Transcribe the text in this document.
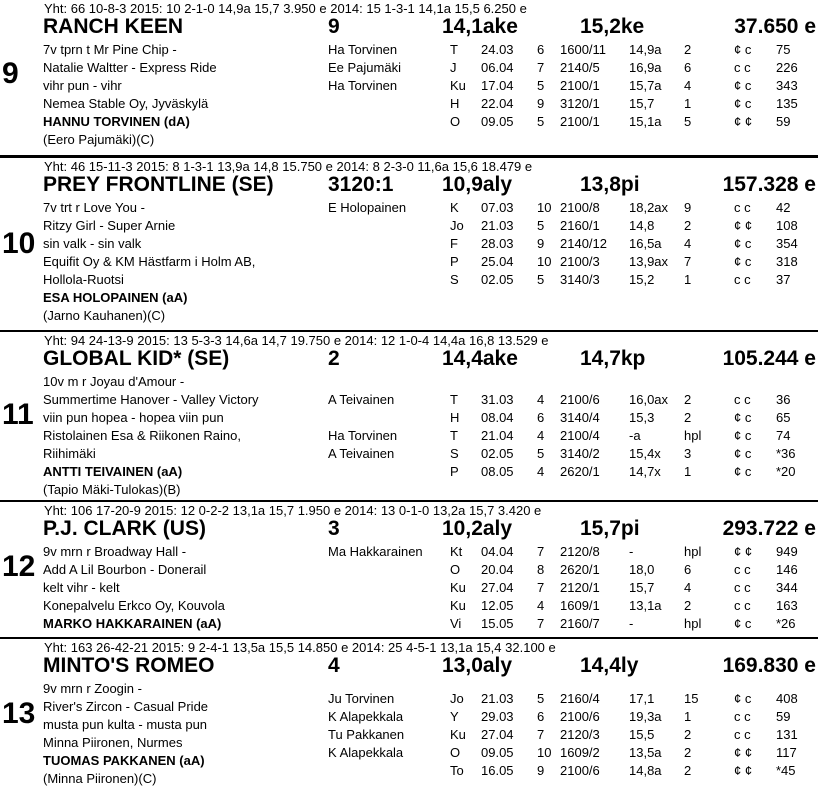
Yht: 66 10-8-3 2015: 10 2-1-0 14,9a 15,7 3.950 e 2014: 15 1-3-1 14,1a 15,5 6.250 e
RANCH KEEN	9	14,1ake	15,2ke	37.650 e
9
7v tprn t Mr Pine Chip -
Natalie Waltter - Express Ride
vihr pun - vihr
Nemea Stable Oy, Jyväskylä
HANNU TORVINEN (dA)
(Eero Pajumäki)(C)
Ha Torvinen	T 24.03 6 1600/11 14,9a 2	¢ c 75
Ee Pajumäki	J 06.04 7 2140/5 16,9a 6	c c 226
Ha Torvinen	Ku 17.04 5 2100/1 15,7a 4	¢ c 343
H 22.04 9 3120/1 15,7 1	¢ c 135
O 09.05 5 2100/1 15,1a 5	¢ ¢ 59
Yht: 46 15-11-3 2015: 8 1-3-1 13,9a 14,8 15.750 e 2014: 8 2-3-0 11,6a 15,6 18.479 e
PREY FRONTLINE (SE)	3120:1 10,9aly	13,8pi	157.328 e
10
7v trt r Love You -
Ritzy Girl - Super Arnie
sin valk - sin valk
Equifit Oy & KM Hästfarm i Holm AB,
Hollola-Ruotsi
ESA HOLOPAINEN (aA)
(Jarno Kauhanen)(C)
E Holopainen	K 07.03 10 2100/8 18,2ax 9	c c 42
Jo 21.03 5 2160/1 14,8 2	¢ ¢ 108
F 28.03 9 2140/12 16,5a 4	¢ c 354
P 25.04 10 2100/3 13,9ax 7	¢ c 318
S 02.05 5 3140/3 15,2 1	c c 37
Yht: 94 24-13-9 2015: 13 5-3-3 14,6a 14,7 19.750 e 2014: 12 1-0-4 14,4a 16,8 13.529 e
GLOBAL KID* (SE)	2	14,4ake	14,7kp	105.244 e
11
10v m r Joyau d'Amour -
Summertime Hanover - Valley Victory
viin pun hopea - hopea viin pun
Ristolainen Esa & Riikonen Raino,
Riihimäki
ANTTI TEIVAINEN (aA)
(Tapio Mäki-Tulokas)(B)
A Teivainen	T 31.03 4 2100/6 16,0ax 2	c c 36
H 08.04 6 3140/4 15,3 2	¢ c 65
Ha Torvinen	T 21.04 4 2100/4 -a	hpl	¢ c 74
A Teivainen	S 02.05 5 3140/2 15,4x 3	¢ c *36
P 08.05 4 2620/1 14,7x 1	¢ c *20
Yht: 106 17-20-9 2015: 12 0-2-2 13,1a 15,7 1.950 e 2014: 13 0-1-0 13,2a 15,7 3.420 e
P.J. CLARK (US)	3	10,2aly	15,7pi	293.722 e
12 9v mrn r Broadway Hall -
Add A Lil Bourbon - Donerail
kelt vihr - kelt
Konepalvelu Erkco Oy, Kouvola
MARKO HAKKARAINEN (aA)
Ma Hakkarainen Kt 04.04 7 2120/8 -	hpl	¢ ¢ 949
O 20.04 8 2620/1 18,0 6	c c 146
Ku 27.04 7 2120/1 15,7 4	c c 344
Ku 12.05 4 1609/1 13,1a 2	c c 163
Vi 15.05 7 2160/7 -	hpl	¢ c *26
Yht: 163 26-42-21 2015: 9 2-4-1 13,5a 15,5 14.850 e 2014: 25 4-5-1 13,1a 15,4 32.100 e
MINTO'S ROMEO	4	13,0aly	14,4ly	169.830 e
13
9v mrn r Zoogin -
River's Zircon - Casual Pride
musta pun kulta - musta pun
Minna Piironen, Nurmes
TUOMAS PAKKANEN (aA)
(Minna Piironen)(C)
Ju Torvinen	Jo 21.03 5 2160/4 17,1 15	¢ c 408
K Alapekkala	Y 29.03 6 2100/6 19,3a 1	c c 59
Tu Pakkanen	Ku 27.04 7 2120/3 15,5 2	c c 131
K Alapekkala	O 09.05 10 1609/2 13,5a 2	¢ ¢ 117
To 16.05 9 2100/6 14,8a 2	¢ ¢ *45
